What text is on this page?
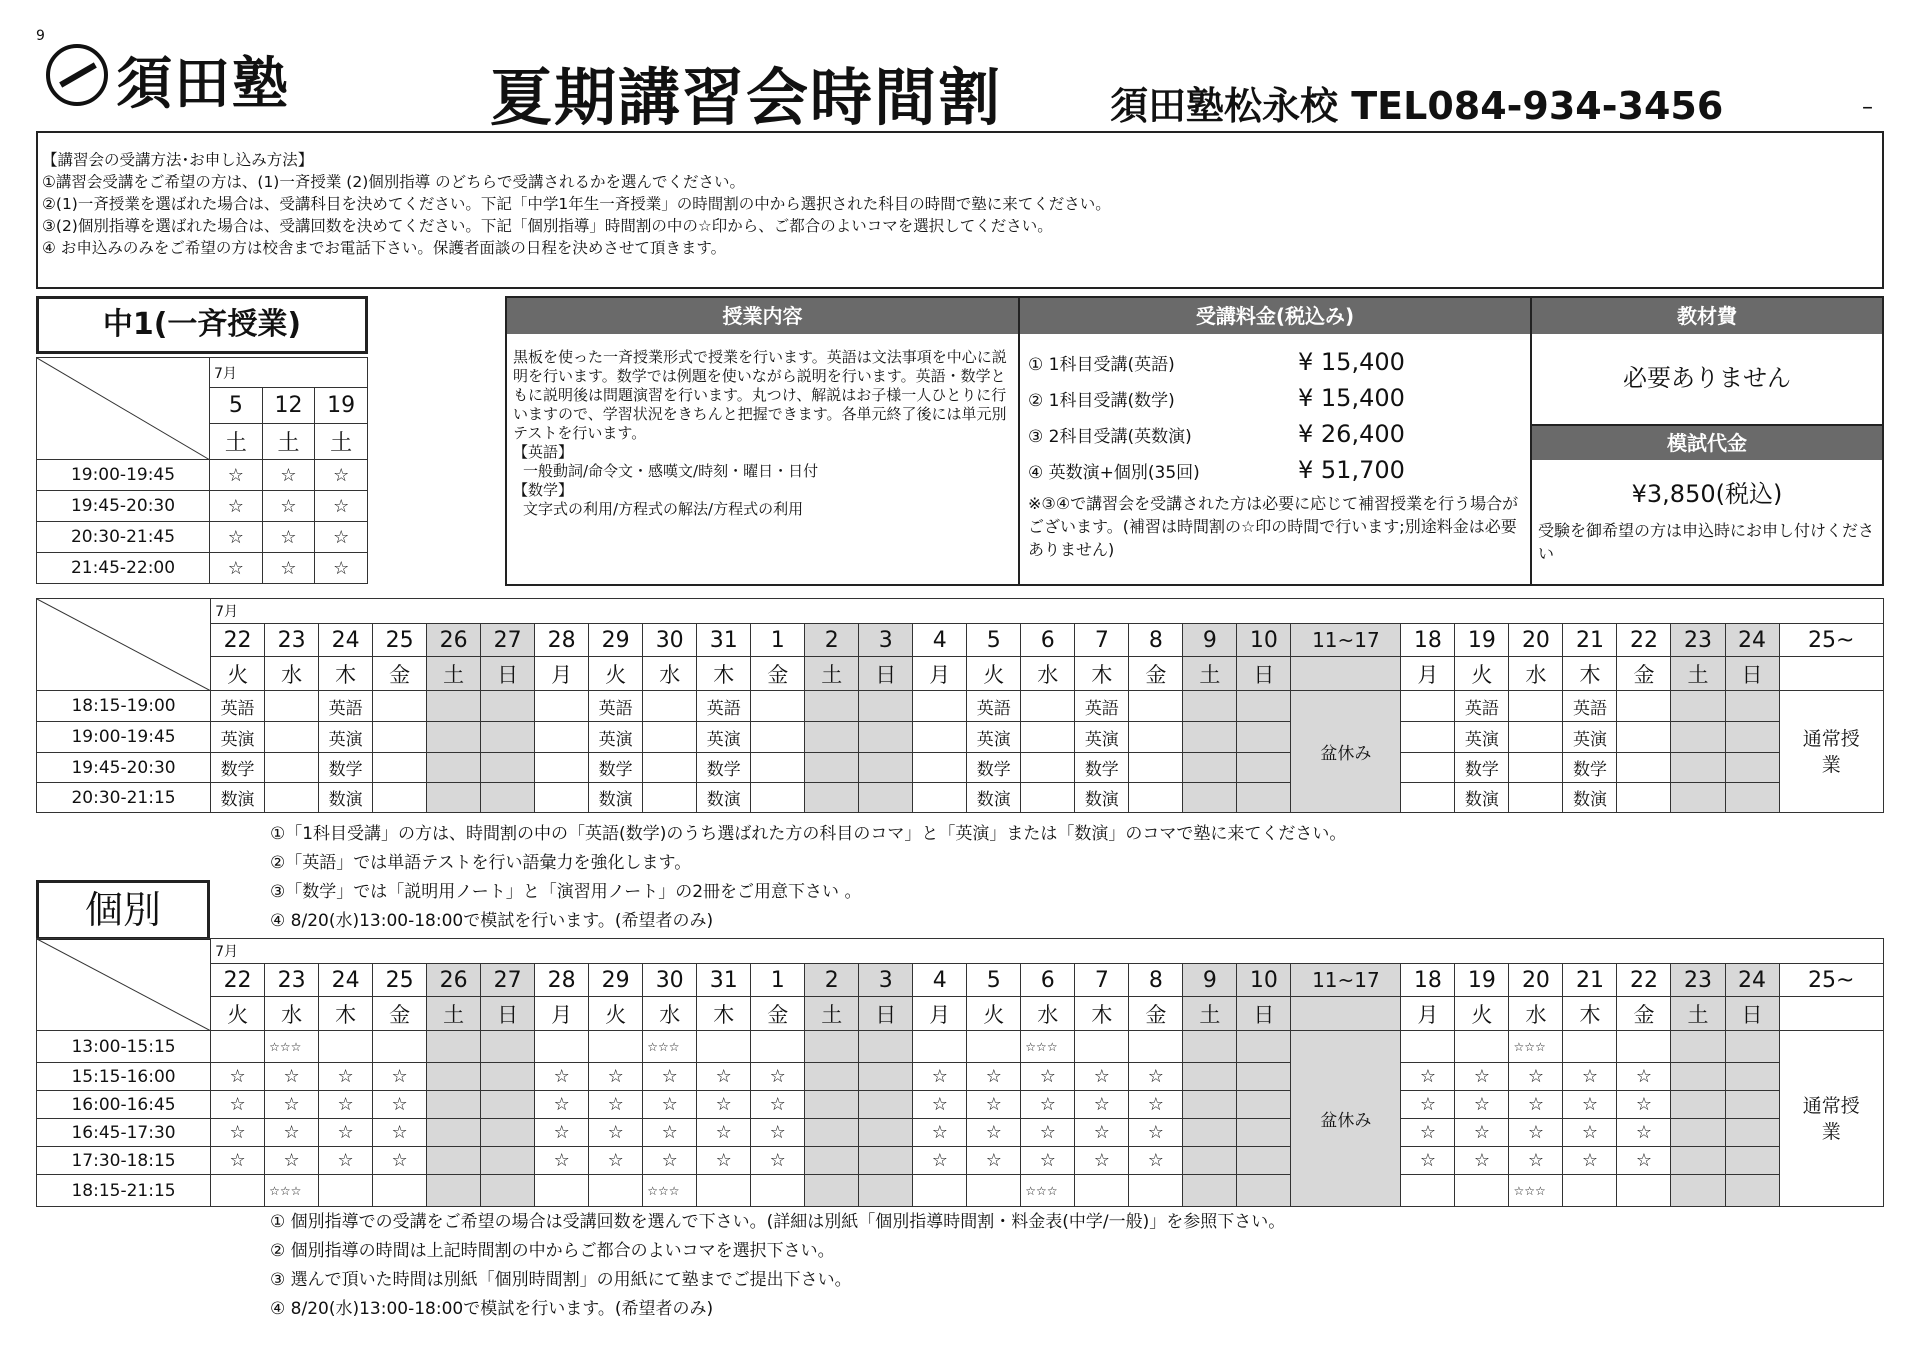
9
須田塾	夏期講習会時間割	須田塾松永校 TEL084-934-3456	–

【講習会の受講方法･お申し込み方法】

①講習会受講をご希望の方は、(1)一斉授業 (2)個別指導 のどちらで受講されるかを選んでください。

②(1)一斉授業を選ばれた場合は、受講科目を決めてください。下記「中学1年生一斉授業」の時間割の中から選択された科目の時間で塾に来てください。

③(2)個別指導を選ばれた場合は、受講回数を決めてください。下記「個別指導」時間割の中の☆印から、ご都合のよいコマを選択してください。

④ お申込みのみをご希望の方は校舎までお電話下さい。保護者面談の日程を決めさせて頂きます。

中1(一斉授業)
	7月		
	5	12	19
	土	土	土
19:00-19:45	☆	☆	☆
19:45-20:30	☆	☆	☆
20:30-21:45	☆	☆	☆
21:45-22:00	☆	☆	☆
授業内容
黒板を使った一斉授業形式で授業を行います。英語は文法事項を中心に説明を行います。数学では例題を使いながら説明を行います。英語・数学ともに説明後は問題演習を行います。丸つけ、解説はお子様一人ひとりに行いますので、学習状況をきちんと把握できます。各単元終了後には単元別テストを行います。
【英語】
一般動詞/命令文・感嘆文/時刻・曜日・日付
【数学】
文字式の利用/方程式の解法/方程式の利用
受講料金(税込み)
① 1科目受講(英語)	¥ 15,400
② 1科目受講(数学)	¥ 15,400
③ 2科目受講(英数演)	¥ 26,400
④ 英数演+個別(35回)	¥ 51,700
※③④で講習会を受講された方は必要に応じて補習授業を行う場合がございます。(補習は時間割の☆印の時間で行います;別途料金は必要ありません)
教材費
必要ありません
模試代金
¥3,850(税込)
受験を御希望の方は申込時にお申し付けください
	7月																												
	22	23	24	25	26	27	28	29	30	31	1	2	3	4	5	6	7	8	9	10	11~17	18	19	20	21	22	23	24	25~
	火	水	木	金	土	日	月	火	水	木	金	土	日	月	火	水	木	金	土	日		月	火	水	木	金	土	日	
18:15-19:00	英語		英語					英語		英語					英語		英語				盆休み		英語		英語				通常授業
19:00-19:45	英演		英演					英演		英演					英演		英演						英演		英演				
19:45-20:30	数学		数学					数学		数学					数学		数学						数学		数学				
20:30-21:15	数演		数演					数演		数演					数演		数演						数演		数演				

①「1科目受講」の方は、時間割の中の「英語(数学)のうち選ばれた方の科目のコマ」と「英演」または「数演」のコマで塾に来てください。

②「英語」では単語テストを行い語彙力を強化します。

③「数学」では「説明用ノート」と「演習用ノート」の2冊をご用意下さい 。

④ 8/20(水)13:00-18:00で模試を行います。(希望者のみ)

個別
	7月																												
	22	23	24	25	26	27	28	29	30	31	1	2	3	4	5	6	7	8	9	10	11~17	18	19	20	21	22	23	24	25~
	火	水	木	金	土	日	月	火	水	木	金	土	日	月	火	水	木	金	土	日		月	火	水	木	金	土	日	
13:00-15:15		☆☆☆							☆☆☆							☆☆☆					盆休み			☆☆☆					通常授業
15:15-16:00	☆	☆	☆	☆			☆	☆	☆	☆	☆			☆	☆	☆	☆	☆				☆	☆	☆	☆	☆			
16:00-16:45	☆	☆	☆	☆			☆	☆	☆	☆	☆			☆	☆	☆	☆	☆				☆	☆	☆	☆	☆			
16:45-17:30	☆	☆	☆	☆			☆	☆	☆	☆	☆			☆	☆	☆	☆	☆				☆	☆	☆	☆	☆			
17:30-18:15	☆	☆	☆	☆			☆	☆	☆	☆	☆			☆	☆	☆	☆	☆				☆	☆	☆	☆	☆			
18:15-21:15		☆☆☆							☆☆☆							☆☆☆								☆☆☆					

① 個別指導での受講をご希望の場合は受講回数を選んで下さい。(詳細は別紙「個別指導時間割・料金表(中学/一般)」を参照下さい。

② 個別指導の時間は上記時間割の中からご都合のよいコマを選択下さい。

③ 選んで頂いた時間は別紙「個別時間割」の用紙にて塾までご提出下さい。

④ 8/20(水)13:00-18:00で模試を行います。(希望者のみ)
